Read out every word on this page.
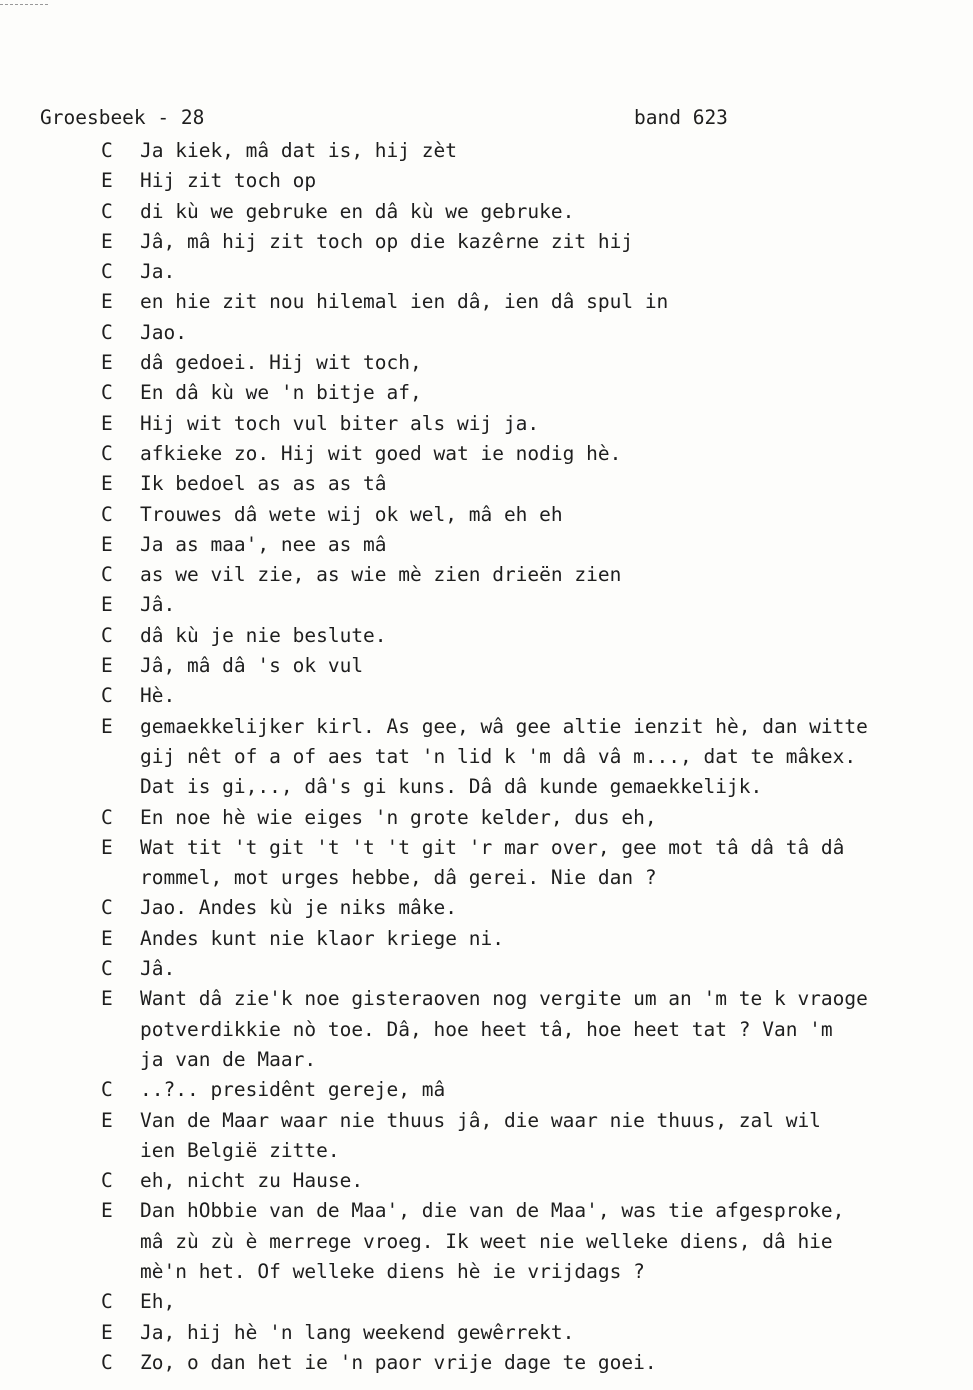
Groesbeek - 28	band 623
C	Ja kiek, mâ dat is, hij zèt
E	Hij zit toch op
C	di kù we gebruke en dâ kù we gebruke.
E	Jâ, mâ hij zit toch op die kazêrne zit hij
C	Ja.
E	en hie zit nou hilemal ien dâ, ien dâ spul in
C	Jao.
E	dâ gedoei. Hij wit toch,
C	En dâ kù we 'n bitje af,
E	Hij wit toch vul biter als wij ja.
C	afkieke zo. Hij wit goed wat ie nodig hè.
E	Ik bedoel as as as tâ
C	Trouwes dâ wete wij ok wel, mâ eh eh
E	Ja as maa', nee as mâ
C	as we vil zie, as wie mè zien drieën zien
E	Jâ.
C	dâ kù je nie beslute.
E	Jâ, mâ dâ 's ok vul
C	Hè.
E	gemaekkelijker kirl. As gee, wâ gee altie ienzit hè, dan witte
gij nêt of a of aes tat 'n lid k 'm dâ vâ m..., dat te mâkex.
Dat is gi,.., dâ's gi kuns. Dâ dâ kunde gemaekkelijk.
C	En noe hè wie eiges 'n grote kelder, dus eh,
E	Wat tit 't git 't 't 't git 'r mar over, gee mot tâ dâ tâ dâ
rommel, mot urges hebbe, dâ gerei. Nie dan ?
C	Jao. Andes kù je niks mâke.
E	Andes kunt nie klaor kriege ni.
C	Jâ.
E	Want dâ zie'k noe gisteraoven nog vergite um an 'm te k vraoge
potverdikkie nò toe. Dâ, hoe heet tâ, hoe heet tat ? Van 'm
ja van de Maar.
C	..?.. presidênt gereje, mâ
E	Van de Maar waar nie thuus jâ, die waar nie thuus, zal wil
ien België zitte.
C	eh, nicht zu Hause.
E	Dan hObbie van de Maa', die van de Maa', was tie afgesproke,
mâ zù zù è merrege vroeg. Ik weet nie welleke diens, dâ hie
mè'n het. Of welleke diens hè ie vrijdags ?
C	Eh,
E	Ja, hij hè 'n lang weekend gewêrrekt.
C	Zo, o dan het ie 'n paor vrije dage te goei.
